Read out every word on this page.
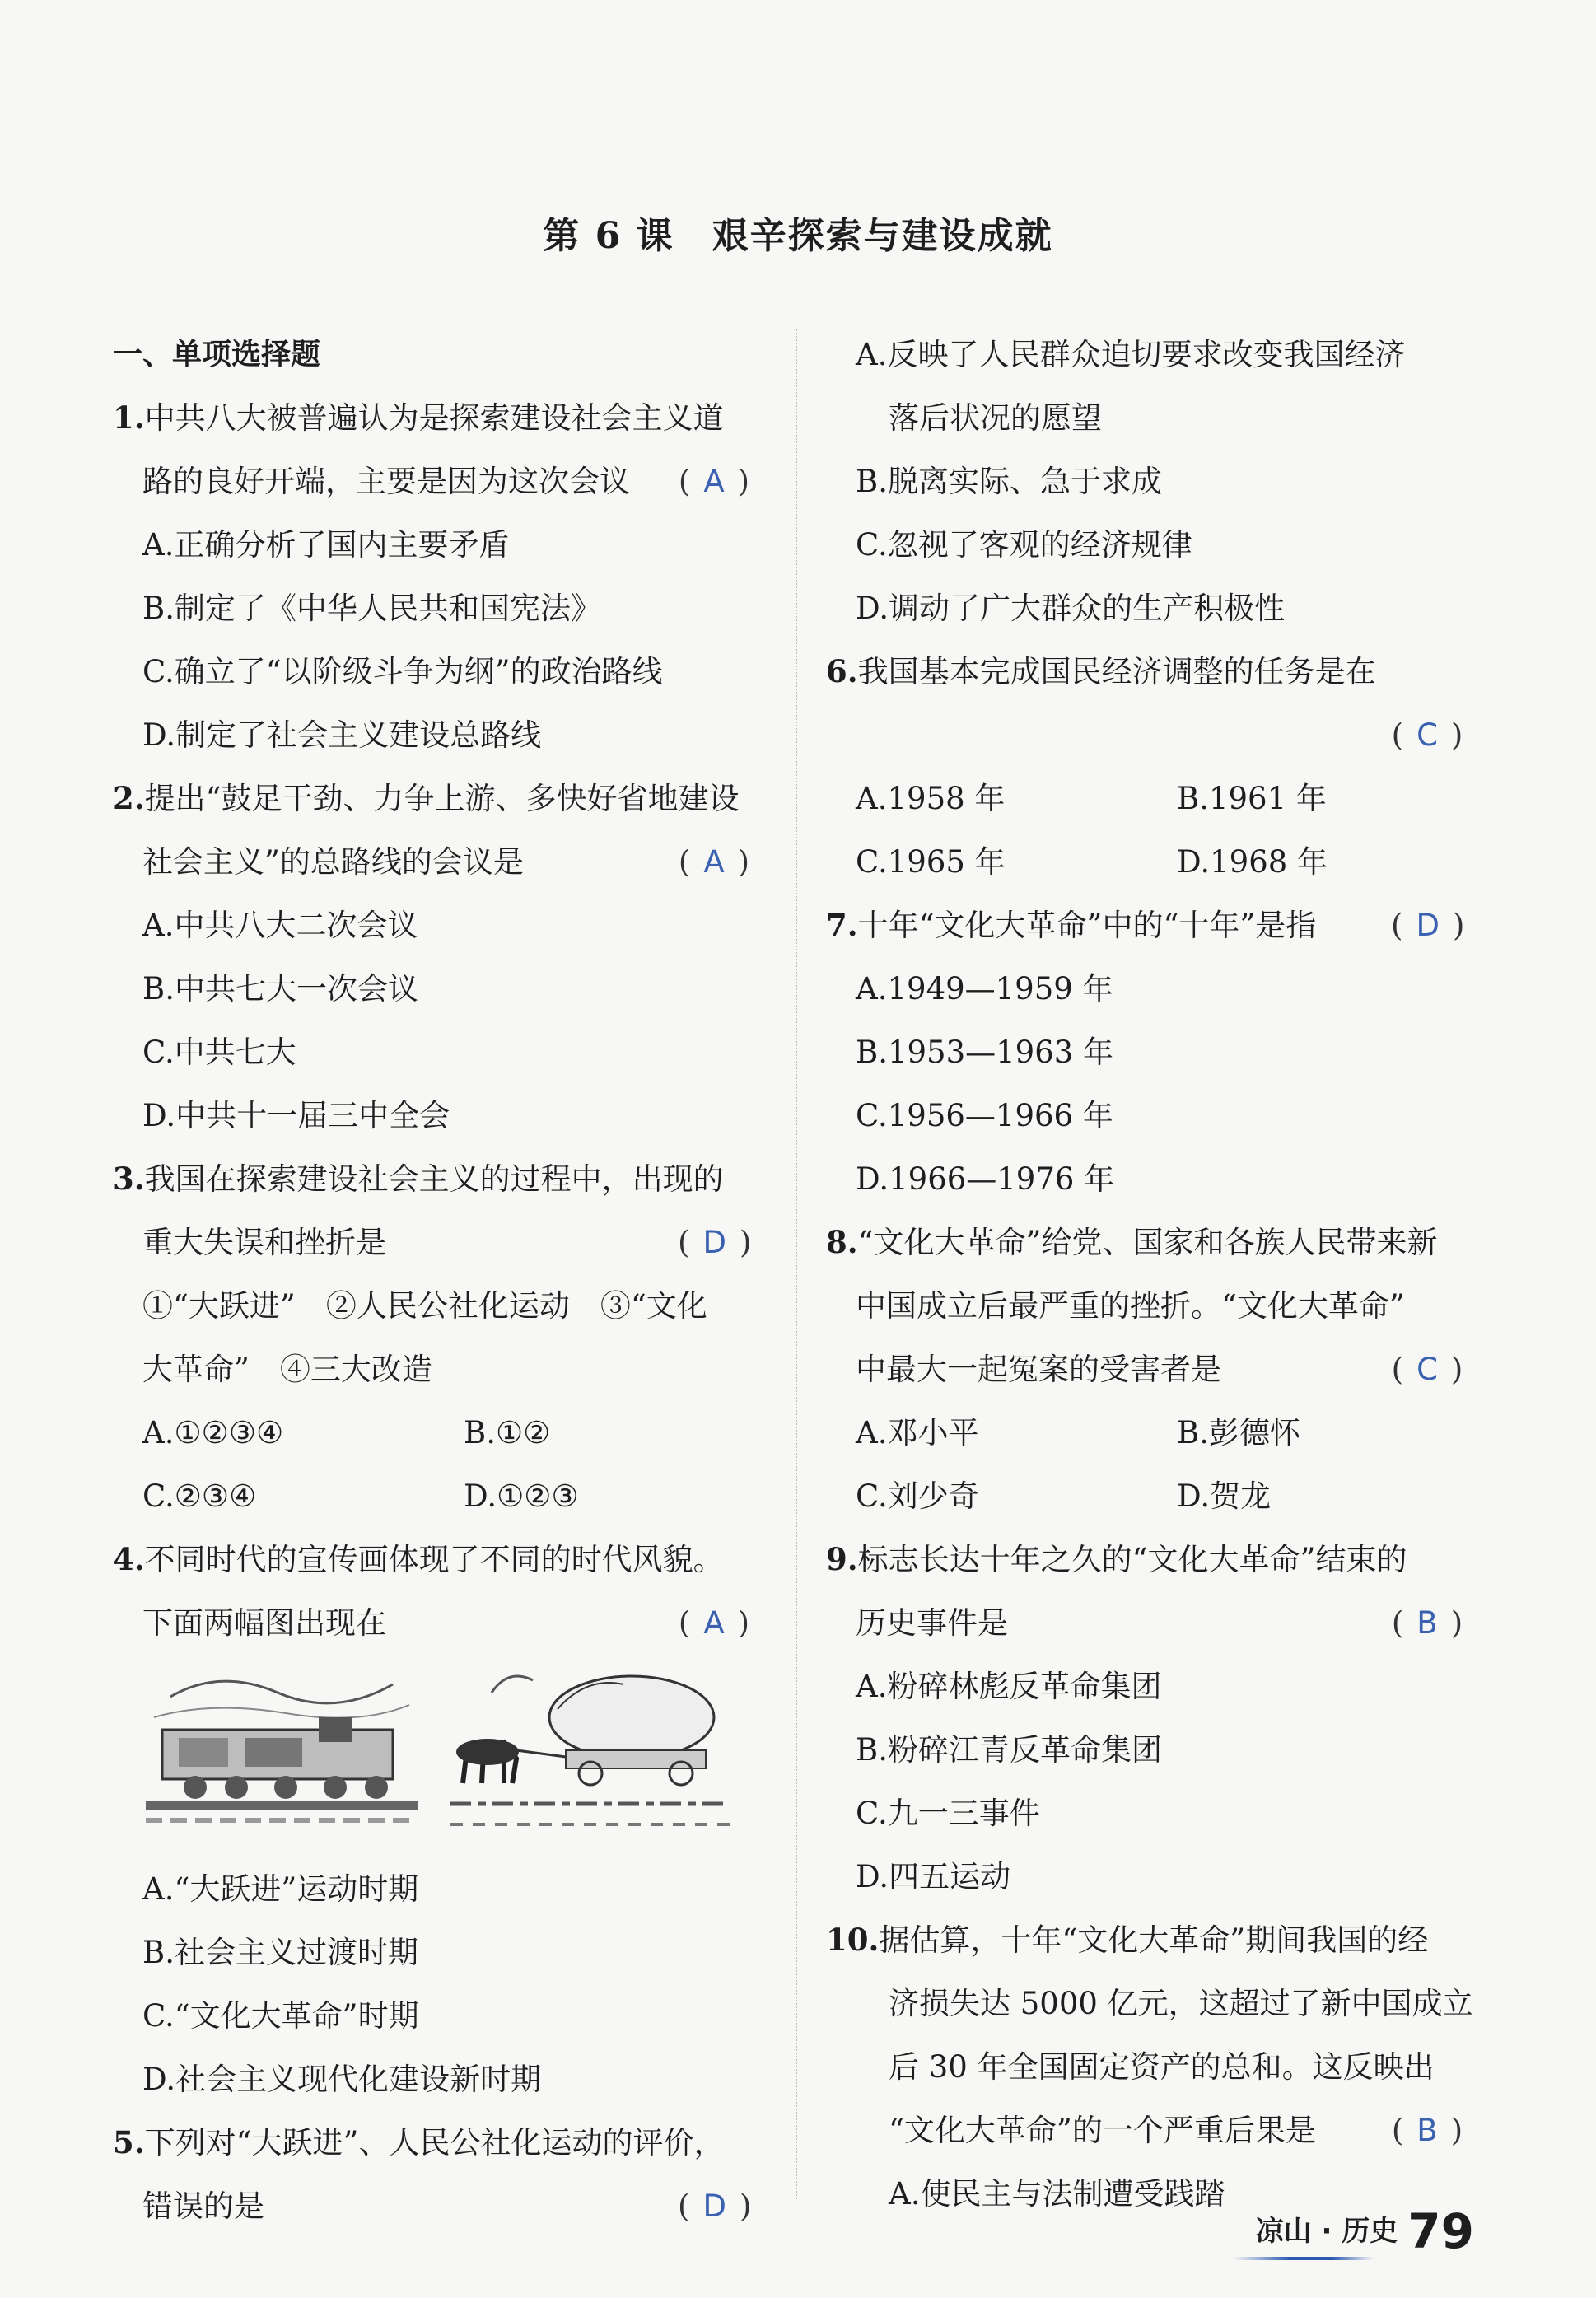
第 6 课　艰辛探索与建设成就
一、单项选择题
1.中共八大被普遍认为是探索建设社会主义道
路的良好开端，主要是因为这次会议	( A )
A.正确分析了国内主要矛盾
B.制定了《中华人民共和国宪法》
C.确立了“以阶级斗争为纲”的政治路线
D.制定了社会主义建设总路线
2.提出“鼓足干劲、力争上游、多快好省地建设
社会主义”的总路线的会议是	( A )
A.中共八大二次会议
B.中共七大一次会议
C.中共七大
D.中共十一届三中全会
3.我国在探索建设社会主义的过程中，出现的
重大失误和挫折是	( D )
①“大跃进”　②人民公社化运动　③“文化
大革命”　④三大改造
A.①②③④	B.①②
C.②③④	D.①②③
4.不同时代的宣传画体现了不同的时代风貌。
下面两幅图出现在	( A )
A.“大跃进”运动时期
B.社会主义过渡时期
C.“文化大革命”时期
D.社会主义现代化建设新时期
5.下列对“大跃进”、人民公社化运动的评价，
错误的是	( D )
A.反映了人民群众迫切要求改变我国经济
落后状况的愿望
B.脱离实际、急于求成
C.忽视了客观的经济规律
D.调动了广大群众的生产积极性
6.我国基本完成国民经济调整的任务是在
( C )
A.1958 年	B.1961 年
C.1965 年	D.1968 年
7.十年“文化大革命”中的“十年”是指	( D )
A.1949—1959 年
B.1953—1963 年
C.1956—1966 年
D.1966—1976 年
8.“文化大革命”给党、国家和各族人民带来新
中国成立后最严重的挫折。“文化大革命”
中最大一起冤案的受害者是	( C )
A.邓小平	B.彭德怀
C.刘少奇	D.贺龙
9.标志长达十年之久的“文化大革命”结束的
历史事件是	( B )
A.粉碎林彪反革命集团
B.粉碎江青反革命集团
C.九一三事件
D.四五运动
10.据估算，十年“文化大革命”期间我国的经
济损失达 5000 亿元，这超过了新中国成立
后 30 年全国固定资产的总和。这反映出
“文化大革命”的一个严重后果是	( B )
A.使民主与法制遭受践踏
凉山 · 历史 79
